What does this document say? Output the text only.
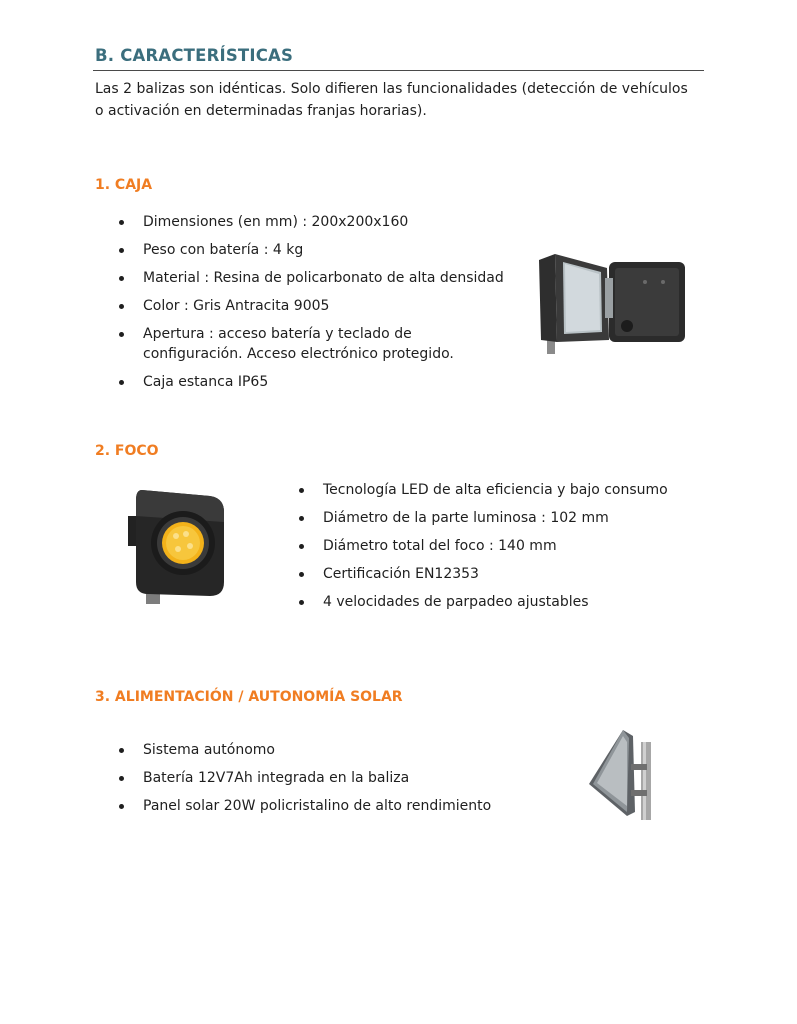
B. CARACTERÍSTICAS

Las 2 balizas son idénticas. Solo difieren las funcionalidades (detección de vehículos o activación en determinadas franjas horarias).

1. CAJA
Dimensiones (en mm) : 200x200x160
Peso con batería : 4 kg
Material : Resina de policarbonato de alta densidad
Color : Gris Antracita 9005
Apertura : acceso batería y teclado de configuración. Acceso electrónico protegido.
Caja estanca IP65
2. FOCO
Tecnología LED de alta eficiencia y bajo consumo
Diámetro de la parte luminosa : 102 mm
Diámetro total del foco : 140 mm
Certificación EN12353
4 velocidades de parpadeo ajustables
3. ALIMENTACIÓN / AUTONOMÍA SOLAR
Sistema autónomo
Batería 12V7Ah integrada en la baliza
Panel solar 20W policristalino de alto rendimiento
